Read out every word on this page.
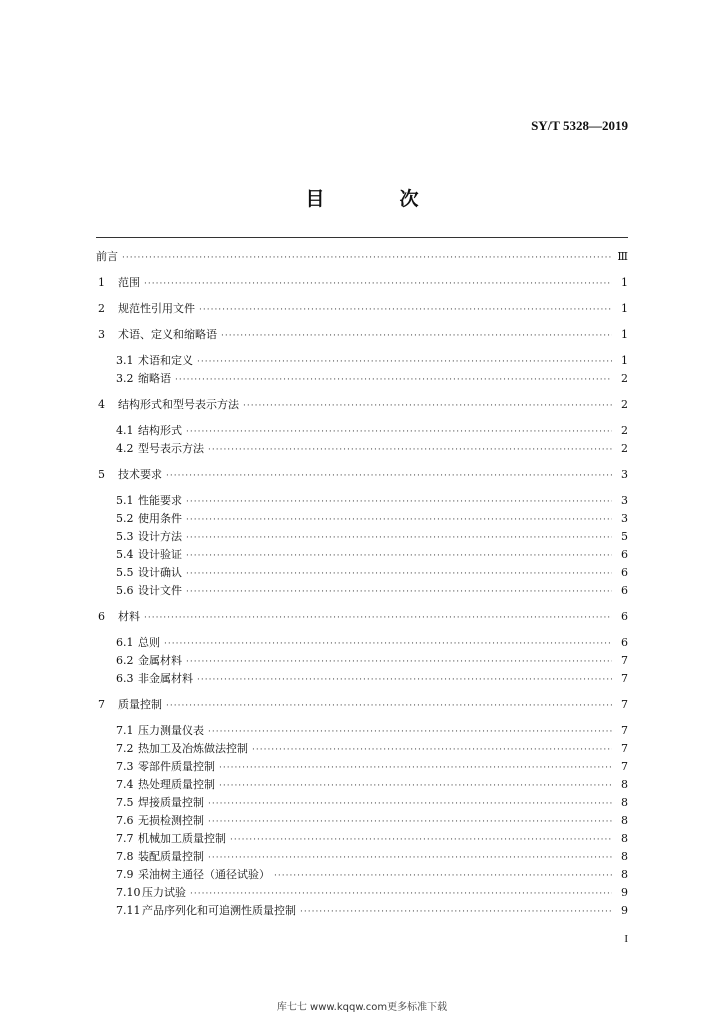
SY/T 5328—2019
目　次
前言 ·····	Ⅲ
1	范围 ·····	1
2	规范性引用文件 ·····	1
3	术语、定义和缩略语 ·····	1
3.1 术语和定义 ·····	1
3.2 缩略语 ·····	2
4	结构形式和型号表示方法 ·····	2
4.1 结构形式 ·····	2
4.2 型号表示方法 ·····	2
5	技术要求 ·····	3
5.1 性能要求 ·····	3
5.2 使用条件 ·····	3
5.3 设计方法 ·····	5
5.4 设计验证 ·····	6
5.5 设计确认 ·····	6
5.6 设计文件 ·····	6
6	材料 ·····	6
6.1 总则 ·····	6
6.2 金属材料 ·····	7
6.3 非金属材料 ·····	7
7	质量控制 ·····	7
7.1 压力测量仪表 ·····	7
7.2 热加工及冶炼做法控制 ·····	7
7.3 零部件质量控制 ·····	7
7.4 热处理质量控制 ·····	8
7.5 焊接质量控制 ·····	8
7.6 无损检测控制 ·····	8
7.7 机械加工质量控制 ·····	8
7.8 装配质量控制 ·····	8
7.9 采油树主通径（通径试验） ·····	8
7.10 压力试验 ·····	9
7.11 产品序列化和可追溯性质量控制 ·····	9
I
库七七 www.kqqw.com更多标准下载
